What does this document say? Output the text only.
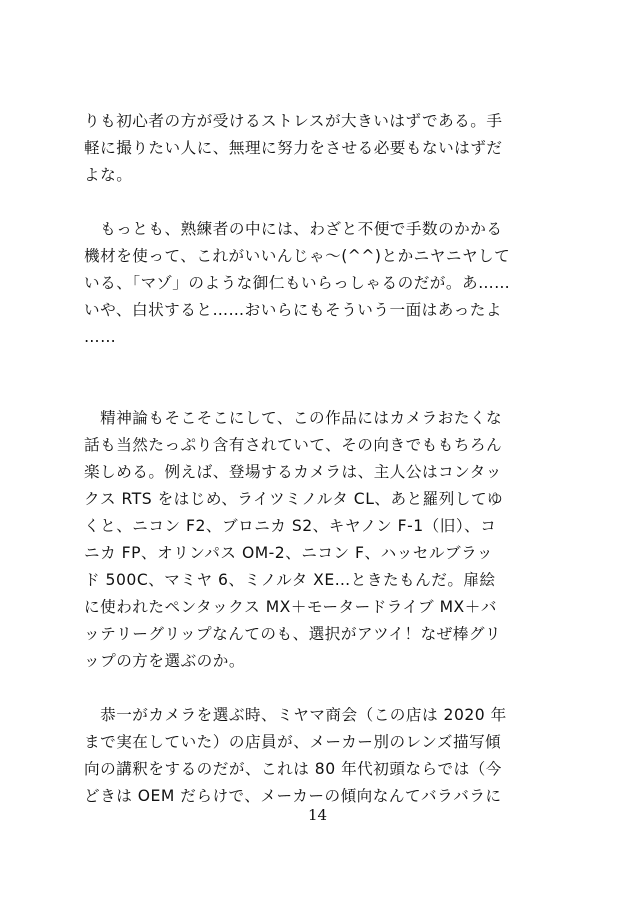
りも初心者の方が受けるストレスが大きいはずである。手
軽に撮りたい人に、無理に努力をさせる必要もないはずだ
よな。
　もっとも、熟練者の中には、わざと不便で手数のかかる
機材を使って、これがいいんじゃ～(^^)とかニヤニヤして
いる、「マゾ」のような御仁もいらっしゃるのだが。あ……
いや、白状すると……おいらにもそういう一面はあったよ
……
　精神論もそこそこにして、この作品にはカメラおたくな
話も当然たっぷり含有されていて、その向きでももちろん
楽しめる。例えば、登場するカメラは、主人公はコンタッ
クス RTS をはじめ、ライツミノルタ CL、あと羅列してゆ
くと、ニコン F2、ブロニカ S2、キヤノン F-1（旧）、コ
ニカ FP、オリンパス OM-2、ニコン F、ハッセルブラッ
ド 500C、マミヤ 6、ミノルタ XE…ときたもんだ。扉絵
に使われたペンタックス MX＋モータードライブ MX＋バ
ッテリーグリップなんてのも、選択がアツイ！なぜ棒グリ
ップの方を選ぶのか。
　恭一がカメラを選ぶ時、ミヤマ商会（この店は 2020 年
まで実在していた）の店員が、メーカー別のレンズ描写傾
向の講釈をするのだが、これは 80 年代初頭ならでは（今
どきは OEM だらけで、メーカーの傾向なんてバラバラに
14
